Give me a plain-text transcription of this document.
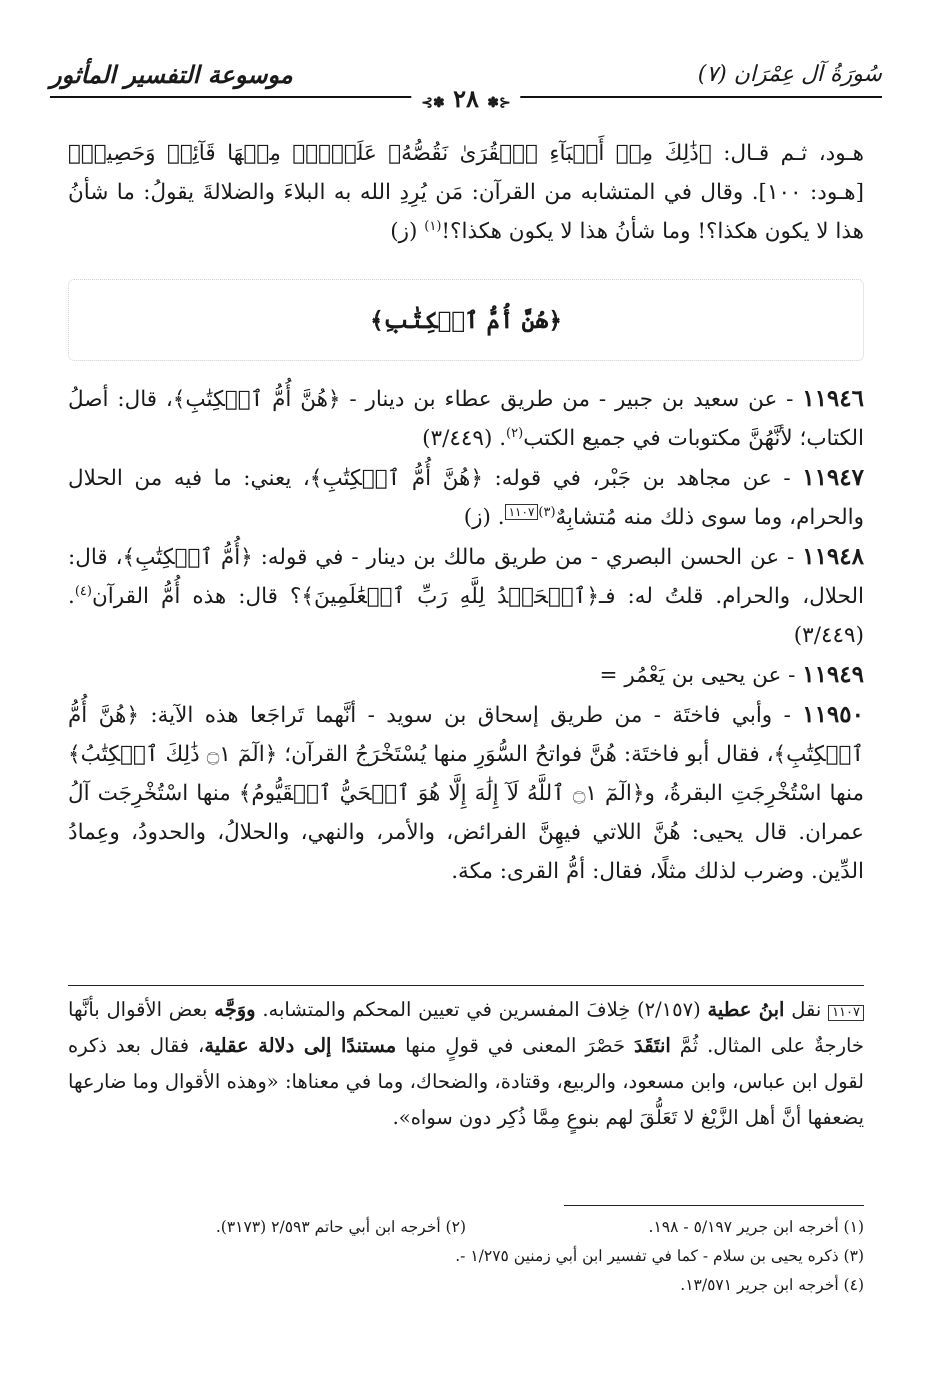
موسوعة التفسير المأثور	سُورَةُ آل عِمْرَان (٧)
⊰✽ ٢٨ ✽⊱

هـود، ثـم قـال: ﴿ذَٰلِكَ مِنۡ أَنۢبَآءِ ٱلۡقُرَىٰ نَقُصُّهُۥ عَلَيۡكَۖ مِنۡهَا قَآئِمٞ وَحَصِيدٞ﴾ [هـود: ١٠٠]. وقال في المتشابه من القرآن: مَن يُرِدِ الله به البلاءَ والضلالةَ يقولُ: ما شأنُ هذا لا يكون هكذا؟! وما شأنُ هذا لا يكون هكذا؟!$^{(١)}$ (ز)

﴿هُنَّ أُمُّ ٱلۡكِتَٰبِ﴾

١١٩٤٦ - عن سعيد بن جبير - من طريق عطاء بن دينار - ﴿هُنَّ أُمُّ ٱلۡكِتَٰبِ﴾، قال: أصلُ الكتاب؛ لأنَّهُنَّ مكتوبات في جميع الكتب$^{(٢)}$. (٣/٤٤٩)

١١٩٤٧ - عن مجاهد بن جَبْر، في قوله: ﴿هُنَّ أُمُّ ٱلۡكِتَٰبِ﴾، يعني: ما فيه من الحلال والحرام، وما سوى ذلك منه مُتشابِهٌ$^{(٣)}$١١٠٧. (ز)

١١٩٤٨ - عن الحسن البصري - من طريق مالك بن دينار - في قوله: ﴿أُمُّ ٱلۡكِتَٰبِ﴾، قال: الحلال، والحرام. قلتُ له: فـ﴿ٱلۡحَمۡدُ لِلَّهِ رَبِّ ٱلۡعَٰلَمِينَ﴾؟ قال: هذه أُمُّ القرآن$^{(٤)}$. (٣/٤٤٩)

١١٩٤٩ - عن يحيى بن يَعْمُر =

١١٩٥٠ - وأبي فاختَة - من طريق إسحاق بن سويد - أنَّهما تَراجَعا هذه الآية: ﴿هُنَّ أُمُّ ٱلۡكِتَٰبِ﴾، فقال أبو فاختَة: هُنَّ فواتحُ السُّوَرِ منها يُسْتَخْرَجُ القرآن؛ ﴿الٓمٓ ۝١ ذَٰلِكَ ٱلۡكِتَٰبُ﴾ منها اسْتُخْرِجَتِ البقرةُ، و﴿الٓمٓ ۝١ ٱللَّهُ لَآ إِلَٰهَ إِلَّا هُوَ ٱلۡحَيُّ ٱلۡقَيُّومُ﴾ منها اسْتُخْرِجَت آلُ عمران. قال يحيى: هُنَّ اللاتي فيهِنَّ الفرائض، والأمر، والنهي، والحلالُ، والحدودُ، وعِمادُ الدِّين. وضرب لذلك مثلًا، فقال: أمُّ القرى: مكة.

١١٠٧ نقل ابنُ عطية (٢/١٥٧) خِلافَ المفسرين في تعيين المحكم والمتشابه. ووَجَّه بعض الأقوال بأنَّها خارجةٌ على المثال. ثُمَّ انتَقَدَ حَصْرَ المعنى في قولٍ منها مستندًا إلى دلالة عقلية، فقال بعد ذكره لقول ابن عباس، وابن مسعود، والربيع، وقتادة، والضحاك، وما في معناها: «وهذه الأقوال وما ضارعها يضعفها أنَّ أهل الزَّيْغ لا تَعَلُّقَ لهم بنوعٍ مِمَّا ذُكِر دون سواه».

(١) أخرجه ابن جرير ٥/١٩٧ - ١٩٨.
(٢) أخرجه ابن أبي حاتم ٢/٥٩٣ (٣١٧٣).
(٣) ذكره يحيى بن سلام - كما في تفسير ابن أبي زمنين ١/٢٧٥ -.
(٤) أخرجه ابن جرير ١٣/٥٧١.
